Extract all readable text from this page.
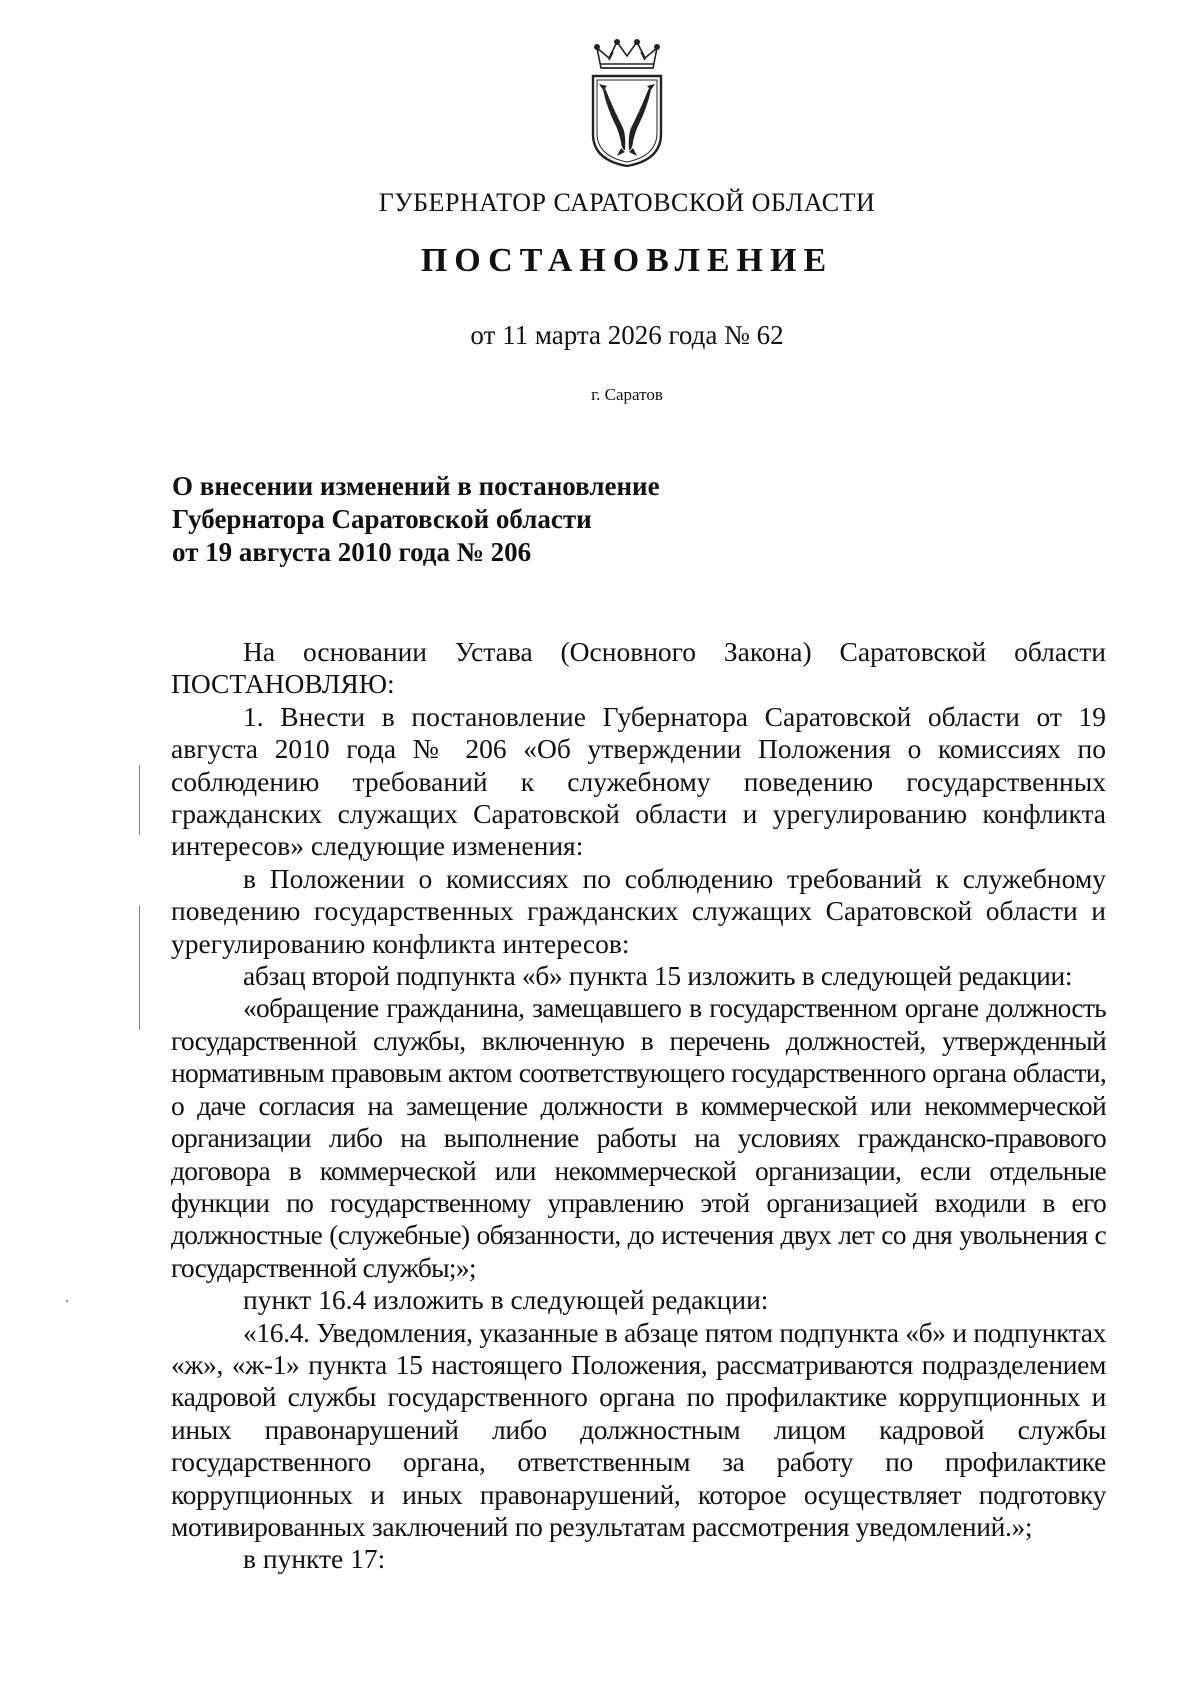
ГУБЕРНАТОР САРАТОВСКОЙ ОБЛАСТИ
ПОСТАНОВЛЕНИЕ
от 11 марта 2026 года № 62
г. Саратов
О внесении изменений в постановление
Губернатора Саратовской области
от 19 августа 2010 года № 206

На основании Устава (Основного Закона) Саратовской области ПОСТАНОВЛЯЮ:

1. Внести в постановление Губернатора Саратовской области от 19 августа 2010 года № 206 «Об утверждении Положения о комиссиях по соблюдению требований к служебному поведению государственных гражданских служащих Саратовской области и урегулированию конфликта интересов» следующие изменения:

в Положении о комиссиях по соблюдению требований к служебному поведению государственных гражданских служащих Саратовской области и урегулированию конфликта интересов:

абзац второй подпункта «б» пункта 15 изложить в следующей редакции:

«обращение гражданина, замещавшего в государственном органе должность государственной службы, включенную в перечень должностей, утвержденный нормативным правовым актом соответствующего государственного органа области, о даче согласия на замещение должности в коммерческой или некоммерческой организации либо на выполнение работы на условиях гражданско-правового договора в коммерческой или некоммерческой организации, если отдельные функции по государственному управлению этой организацией входили в его должностные (служебные) обязанности, до истечения двух лет со дня увольнения с государственной службы;»;

пункт 16.4 изложить в следующей редакции:

«16.4. Уведомления, указанные в абзаце пятом подпункта «б» и подпунктах «ж», «ж-1» пункта 15 настоящего Положения, рассматриваются подразделением кадровой службы государственного органа по профилактике коррупционных и иных правонарушений либо должностным лицом кадровой службы государственного органа, ответственным за работу по профилактике коррупционных и иных правонарушений, которое осуществляет подготовку мотивированных заключений по результатам рассмотрения уведомлений.»;

в пункте 17:
